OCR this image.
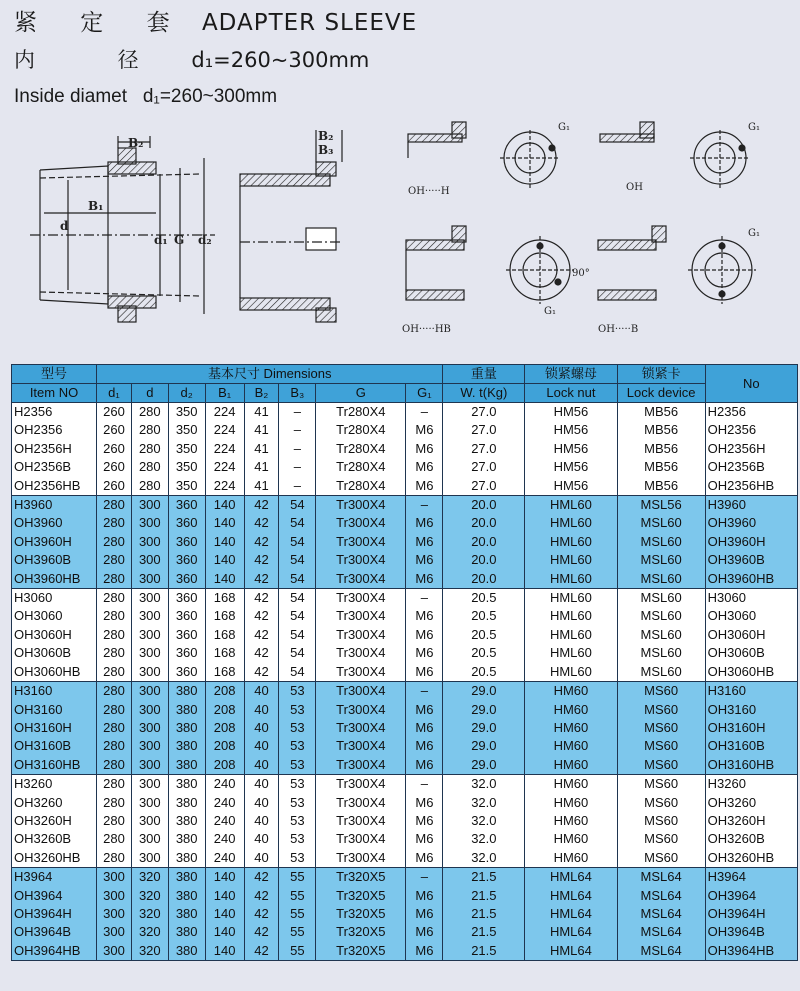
紧 定 套 ADAPTER SLEEVE
内 径 d₁=260~300mm
Inside diamet d₁=260~300mm
B₂
B₁
d
d₁ G d₂
B₂
B₃
OH·····H
G₁
OH
G₁
OH·····HB
90°
G₁
OH·····B
G₁
型号	基本尺寸 Dimensions								重量	锁紧螺母	锁紧卡	No
Item NO	d₁	d	d₂	B₁	B₂	B₃	G	G₁	W. t(Kg)	Lock nut	Lock device	
H2356	260	280	350	224	41	–	Tr280X4	–	27.0	HM56	MB56	H2356
OH2356	260	280	350	224	41	–	Tr280X4	M6	27.0	HM56	MB56	OH2356
OH2356H	260	280	350	224	41	–	Tr280X4	M6	27.0	HM56	MB56	OH2356H
OH2356B	260	280	350	224	41	–	Tr280X4	M6	27.0	HM56	MB56	OH2356B
OH2356HB	260	280	350	224	41	–	Tr280X4	M6	27.0	HM56	MB56	OH2356HB
H3960	280	300	360	140	42	54	Tr300X4	–	20.0	HML60	MSL56	H3960
OH3960	280	300	360	140	42	54	Tr300X4	M6	20.0	HML60	MSL60	OH3960
OH3960H	280	300	360	140	42	54	Tr300X4	M6	20.0	HML60	MSL60	OH3960H
OH3960B	280	300	360	140	42	54	Tr300X4	M6	20.0	HML60	MSL60	OH3960B
OH3960HB	280	300	360	140	42	54	Tr300X4	M6	20.0	HML60	MSL60	OH3960HB
H3060	280	300	360	168	42	54	Tr300X4	–	20.5	HML60	MSL60	H3060
OH3060	280	300	360	168	42	54	Tr300X4	M6	20.5	HML60	MSL60	OH3060
OH3060H	280	300	360	168	42	54	Tr300X4	M6	20.5	HML60	MSL60	OH3060H
OH3060B	280	300	360	168	42	54	Tr300X4	M6	20.5	HML60	MSL60	OH3060B
OH3060HB	280	300	360	168	42	54	Tr300X4	M6	20.5	HML60	MSL60	OH3060HB
H3160	280	300	380	208	40	53	Tr300X4	–	29.0	HM60	MS60	H3160
OH3160	280	300	380	208	40	53	Tr300X4	M6	29.0	HM60	MS60	OH3160
OH3160H	280	300	380	208	40	53	Tr300X4	M6	29.0	HM60	MS60	OH3160H
OH3160B	280	300	380	208	40	53	Tr300X4	M6	29.0	HM60	MS60	OH3160B
OH3160HB	280	300	380	208	40	53	Tr300X4	M6	29.0	HM60	MS60	OH3160HB
H3260	280	300	380	240	40	53	Tr300X4	–	32.0	HM60	MS60	H3260
OH3260	280	300	380	240	40	53	Tr300X4	M6	32.0	HM60	MS60	OH3260
OH3260H	280	300	380	240	40	53	Tr300X4	M6	32.0	HM60	MS60	OH3260H
OH3260B	280	300	380	240	40	53	Tr300X4	M6	32.0	HM60	MS60	OH3260B
OH3260HB	280	300	380	240	40	53	Tr300X4	M6	32.0	HM60	MS60	OH3260HB
H3964	300	320	380	140	42	55	Tr320X5	–	21.5	HML64	MSL64	H3964
OH3964	300	320	380	140	42	55	Tr320X5	M6	21.5	HML64	MSL64	OH3964
OH3964H	300	320	380	140	42	55	Tr320X5	M6	21.5	HML64	MSL64	OH3964H
OH3964B	300	320	380	140	42	55	Tr320X5	M6	21.5	HML64	MSL64	OH3964B
OH3964HB	300	320	380	140	42	55	Tr320X5	M6	21.5	HML64	MSL64	OH3964HB
